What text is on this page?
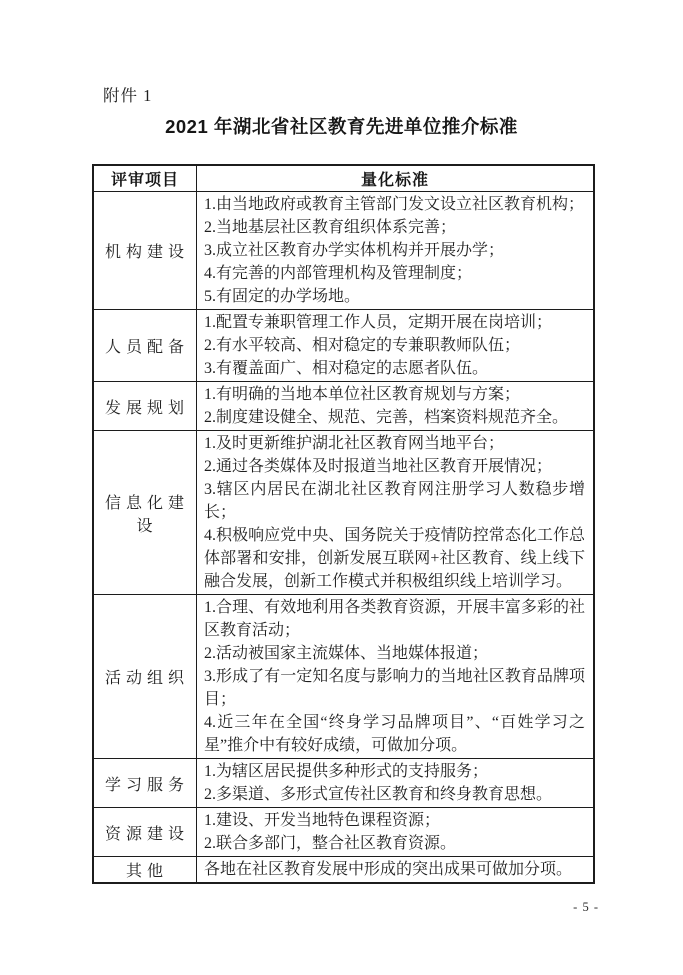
附件 1
2021 年湖北省社区教育先进单位推介标准
评审项目	量化标准
机构建设	1.由当地政府或教育主管部门发文设立社区教育机构；
2.当地基层社区教育组织体系完善；
3.成立社区教育办学实体机构并开展办学；
4.有完善的内部管理机构及管理制度；
5.有固定的办学场地。

人员配备	1.配置专兼职管理工作人员，定期开展在岗培训；
2.有水平较高、相对稳定的专兼职教师队伍；
3.有覆盖面广、相对稳定的志愿者队伍。

发展规划	1.有明确的当地本单位社区教育规划与方案；
2.制度建设健全、规范、完善，档案资料规范齐全。

信息化建设	1.及时更新维护湖北社区教育网当地平台；
2.通过各类媒体及时报道当地社区教育开展情况；
3.辖区内居民在湖北社区教育网注册学习人数稳步增长；
4.积极响应党中央、国务院关于疫情防控常态化工作总体部署和安排，创新发展互联网+社区教育、线上线下融合发展，创新工作模式并积极组织线上培训学习。

活动组织	1.合理、有效地利用各类教育资源，开展丰富多彩的社区教育活动；
2.活动被国家主流媒体、当地媒体报道；
3.形成了有一定知名度与影响力的当地社区教育品牌项目；
4.近三年在全国“终身学习品牌项目”、“百姓学习之星”推介中有较好成绩，可做加分项。

学习服务	1.为辖区居民提供多种形式的支持服务；
2.多渠道、多形式宣传社区教育和终身教育思想。

资源建设	1.建设、开发当地特色课程资源；
2.联合多部门，整合社区教育资源。

其他	各地在社区教育发展中形成的突出成果可做加分项。
- 5 -
